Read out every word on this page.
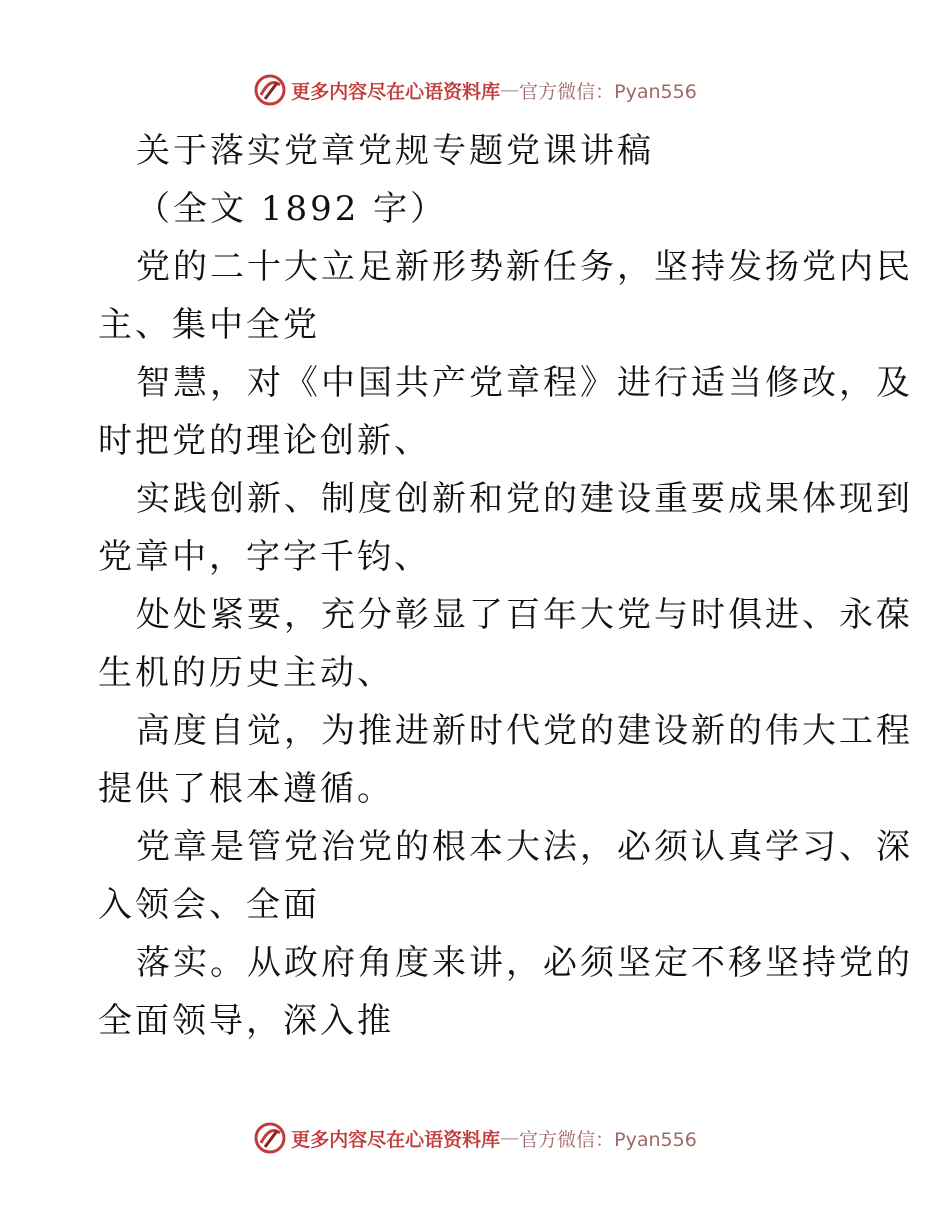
更多内容尽在心语资料库 — 官方微信：Pyan556
关于落实党章党规专题党课讲稿
（全文 1892 字）
党的二十大立足新形势新任务，坚持发扬党内民
主、集中全党
智慧，对《中国共产党章程》进行适当修改，及
时把党的理论创新、
实践创新、制度创新和党的建设重要成果体现到
党章中，字字千钧、
处处紧要，充分彰显了百年大党与时俱进、永葆
生机的历史主动、
高度自觉，为推进新时代党的建设新的伟大工程
提供了根本遵循。
党章是管党治党的根本大法，必须认真学习、深
入领会、全面
落实。从政府角度来讲，必须坚定不移坚持党的
全面领导，深入推
更多内容尽在心语资料库 — 官方微信：Pyan556
